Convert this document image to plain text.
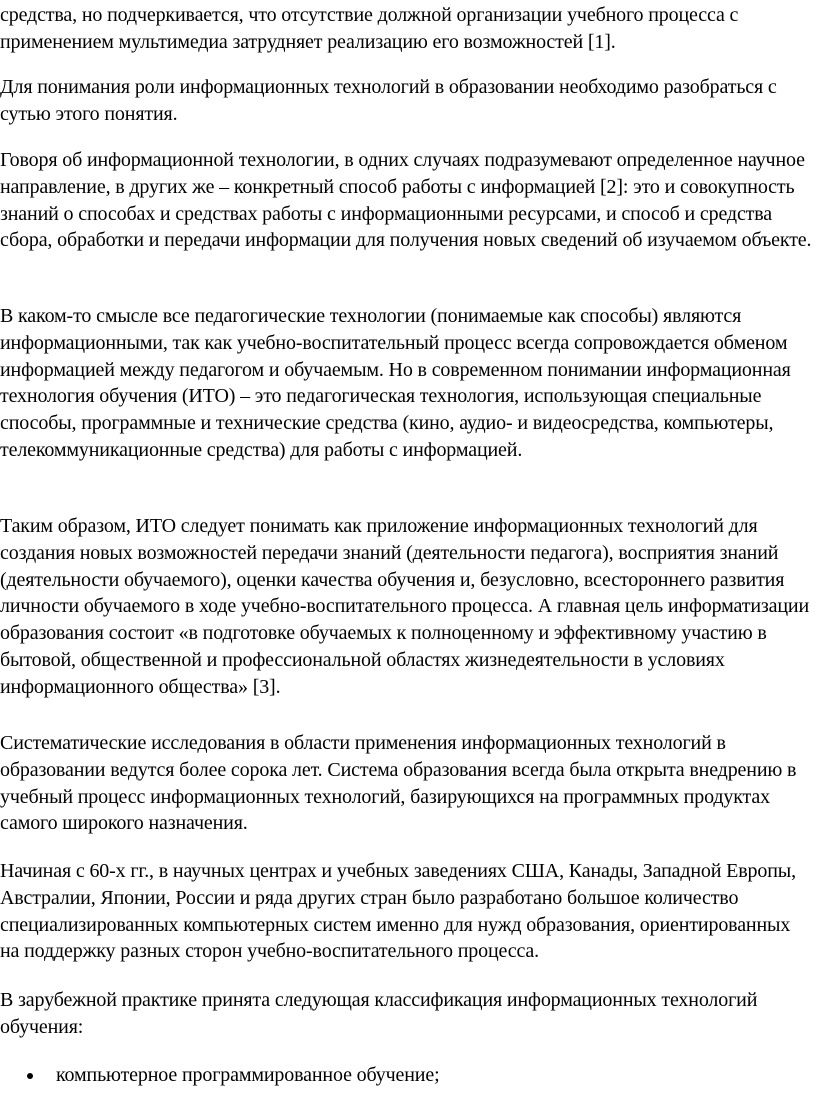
средства, но подчеркивается, что отсутствие должной организации учебного процесса с применением мультимедиа затрудняет реализацию его возможностей [1].

Для понимания роли информационных технологий в образовании необходимо разобраться с сутью этого понятия.

Говоря об информационной технологии, в одних случаях подразумевают определенное научное направление, в других же – конкретный способ работы с информацией [2]: это и совокупность знаний о способах и средствах работы с информационными ресурсами, и способ и средства сбора, обработки и передачи информации для получения новых сведений об изучаемом объекте.

В каком-то смысле все педагогические технологии (понимаемые как способы) являются информационными, так как учебно-воспитательный процесс всегда сопровождается обменом информацией между педагогом и обучаемым. Но в современном понимании информационная технология обучения (ИТО) – это педагогическая технология, использующая специальные способы, программные и технические средства (кино, аудио- и видеосредства, компьютеры, телекоммуникационные средства) для работы с информацией.

Таким образом, ИТО следует понимать как приложение информационных технологий для создания новых возможностей передачи знаний (деятельности педагога), восприятия знаний (деятельности обучаемого), оценки качества обучения и, безусловно, всестороннего развития личности обучаемого в ходе учебно-воспитательного процесса. А главная цель информатизации образования состоит «в подготовке обучаемых к полноценному и эффективному участию в бытовой, общественной и профессиональной областях жизнедеятельности в условиях информационного общества» [3].

Систематические исследования в области применения информационных технологий в образовании ведутся более сорока лет. Система образования всегда была открыта внедрению в учебный процесс информационных технологий, базирующихся на программных продуктах самого широкого назначения.

Начиная с 60-х гг., в научных центрах и учебных заведениях США, Канады, Западной Европы, Австралии, Японии, России и ряда других стран было разработано большое количество специализированных компьютерных систем именно для нужд образования, ориентированных на поддержку разных сторон учебно-воспитательного процесса.

В зарубежной практике принята следующая классификация информационных технологий обучения:

компьютерное программированное обучение;
